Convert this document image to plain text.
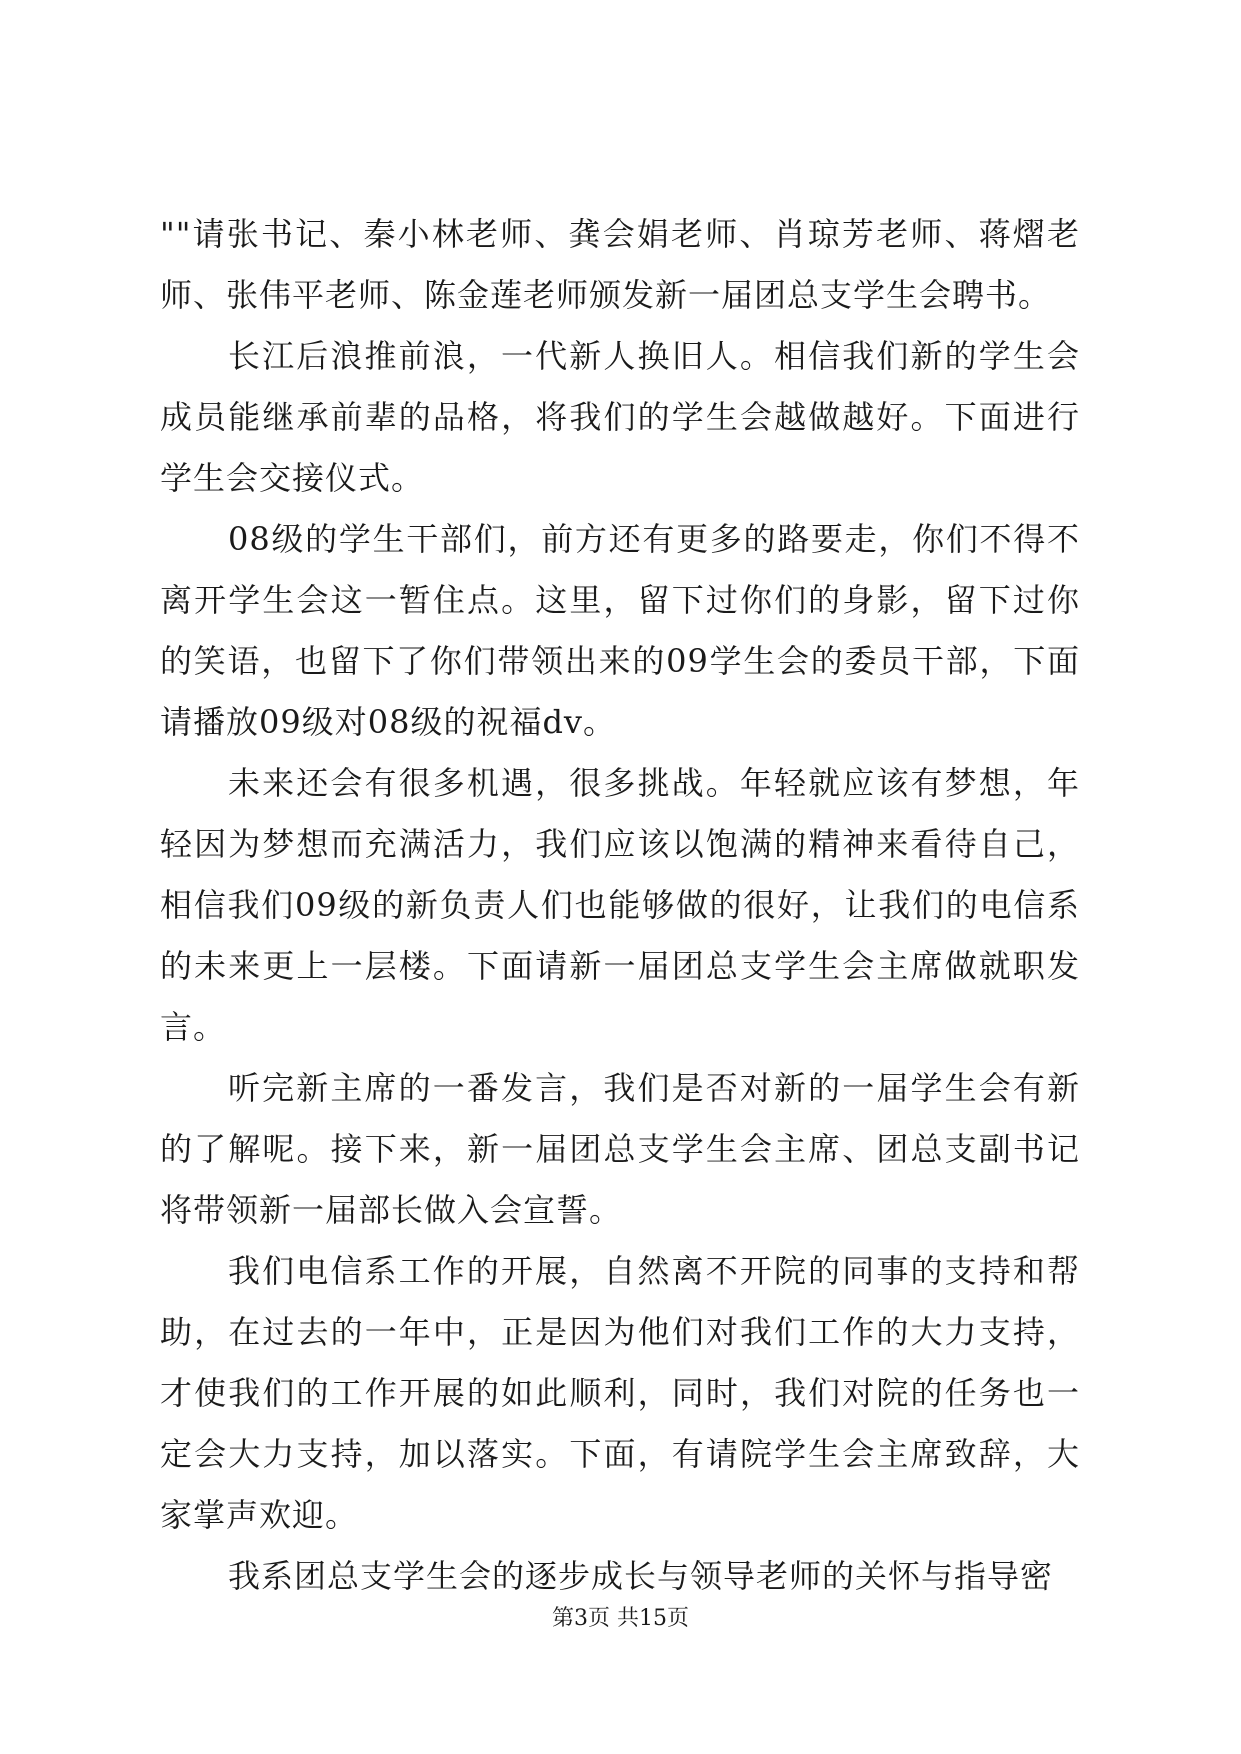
""请张书记、秦小林老师、龚会娟老师、肖琼芳老师、蒋熠老师、张伟平老师、陈金莲老师颁发新一届团总支学生会聘书。

长江后浪推前浪，一代新人换旧人。相信我们新的学生会成员能继承前辈的品格，将我们的学生会越做越好。下面进行学生会交接仪式。

08级的学生干部们，前方还有更多的路要走，你们不得不离开学生会这一暂住点。这里，留下过你们的身影，留下过你的笑语，也留下了你们带领出来的09学生会的委员干部，下面请播放09级对08级的祝福dv。

未来还会有很多机遇，很多挑战。年轻就应该有梦想，年轻因为梦想而充满活力，我们应该以饱满的精神来看待自己，相信我们09级的新负责人们也能够做的很好，让我们的电信系的未来更上一层楼。下面请新一届团总支学生会主席做就职发言。

听完新主席的一番发言，我们是否对新的一届学生会有新的了解呢。接下来，新一届团总支学生会主席、团总支副书记将带领新一届部长做入会宣誓。

我们电信系工作的开展，自然离不开院的同事的支持和帮助，在过去的一年中，正是因为他们对我们工作的大力支持，才使我们的工作开展的如此顺利，同时，我们对院的任务也一定会大力支持，加以落实。下面，有请院学生会主席致辞，大家掌声欢迎。

我系团总支学生会的逐步成长与领导老师的关怀与指导密

第3页 共15页
